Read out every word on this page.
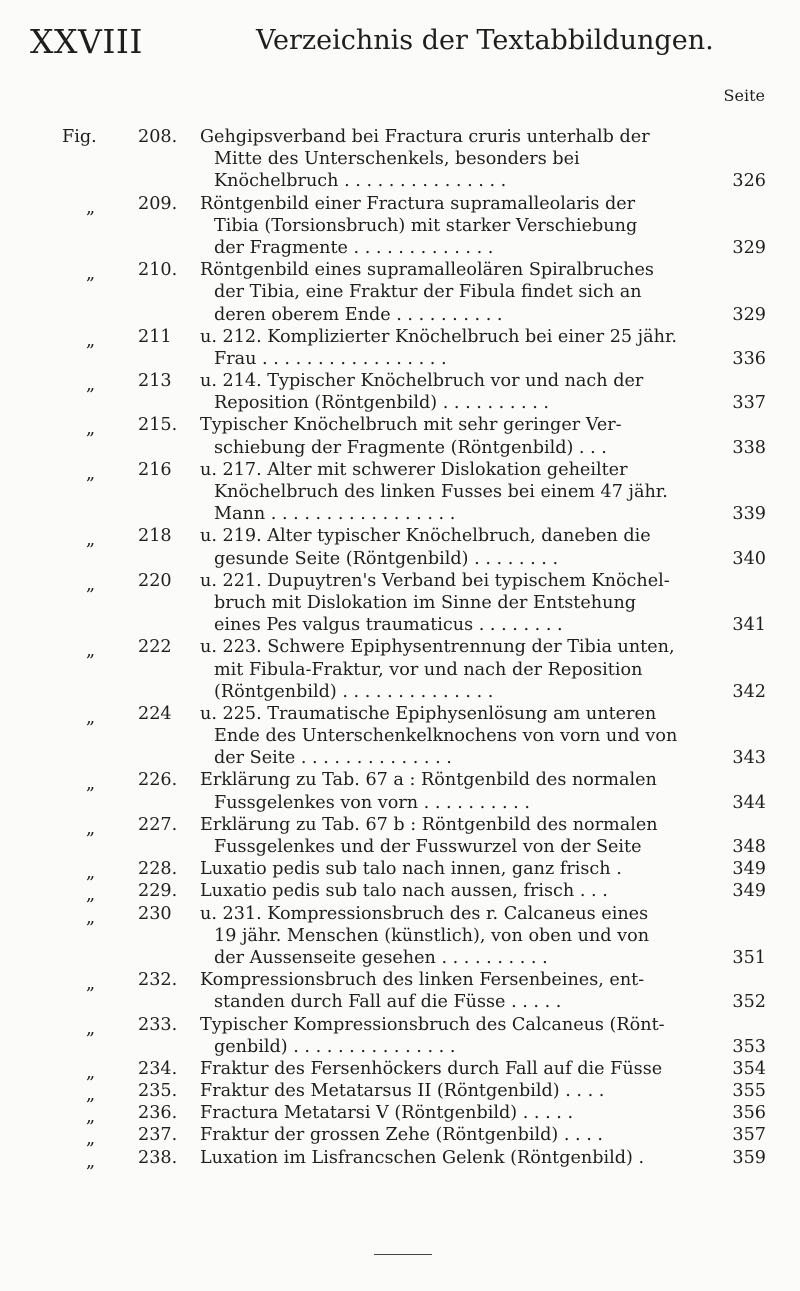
XXVIII	Verzeichnis der Textabbildungen.
Seite
Fig. 208. Gehgipsverband bei Fractura cruris unterhalb der
Mitte des Unterschenkels, besonders bei
Knöchelbruch . . . . . . . . . . . . . . .	326
„ 209. Röntgenbild einer Fractura supramalleolaris der
Tibia (Torsionsbruch) mit starker Verschiebung
der Fragmente . . . . . . . . . . . . .	329
„ 210. Röntgenbild eines supramalleolären Spiralbruches
der Tibia, eine Fraktur der Fibula findet sich an
deren oberem Ende . . . . . . . . . .	329
„ 211 u. 212. Komplizierter Knöchelbruch bei einer 25 jähr.
Frau . . . . . . . . . . . . . . . . .	336
„ 213 u. 214. Typischer Knöchelbruch vor und nach der
Reposition (Röntgenbild) . . . . . . . . . .	337
„ 215. Typischer Knöchelbruch mit sehr geringer Ver-
schiebung der Fragmente (Röntgenbild) . . .	338
„ 216 u. 217. Alter mit schwerer Dislokation geheilter
Knöchelbruch des linken Fusses bei einem 47 jähr.
Mann . . . . . . . . . . . . . . . . .	339
„ 218 u. 219. Alter typischer Knöchelbruch, daneben die
gesunde Seite (Röntgenbild) . . . . . . . .	340
„ 220 u. 221. Dupuytren's Verband bei typischem Knöchel-
bruch mit Dislokation im Sinne der Entstehung
eines Pes valgus traumaticus . . . . . . . .	341
„ 222 u. 223. Schwere Epiphysentrennung der Tibia unten,
mit Fibula-Fraktur, vor und nach der Reposition
(Röntgenbild) . . . . . . . . . . . . . .	342
„ 224 u. 225. Traumatische Epiphysenlösung am unteren
Ende des Unterschenkelknochens von vorn und von
der Seite . . . . . . . . . . . . . .	343
„ 226. Erklärung zu Tab. 67 a : Röntgenbild des normalen
Fussgelenkes von vorn . . . . . . . . . .	344
„ 227. Erklärung zu Tab. 67 b : Röntgenbild des normalen
Fussgelenkes und der Fusswurzel von der Seite	348
„ 228. Luxatio pedis sub talo nach innen, ganz frisch .	349
„ 229. Luxatio pedis sub talo nach aussen, frisch . . .	349
„ 230 u. 231. Kompressionsbruch des r. Calcaneus eines
19 jähr. Menschen (künstlich), von oben und von
der Aussenseite gesehen . . . . . . . . . .	351
„ 232. Kompressionsbruch des linken Fersenbeines, ent-
standen durch Fall auf die Füsse . . . . .	352
„ 233. Typischer Kompressionsbruch des Calcaneus (Rönt-
genbild) . . . . . . . . . . . . . . .	353
„ 234. Fraktur des Fersenhöckers durch Fall auf die Füsse	354
„ 235. Fraktur des Metatarsus II (Röntgenbild) . . . .	355
„ 236. Fractura Metatarsi V (Röntgenbild) . . . . .	356
„ 237. Fraktur der grossen Zehe (Röntgenbild) . . . .	357
„ 238. Luxation im Lisfrancschen Gelenk (Röntgenbild) .	359
